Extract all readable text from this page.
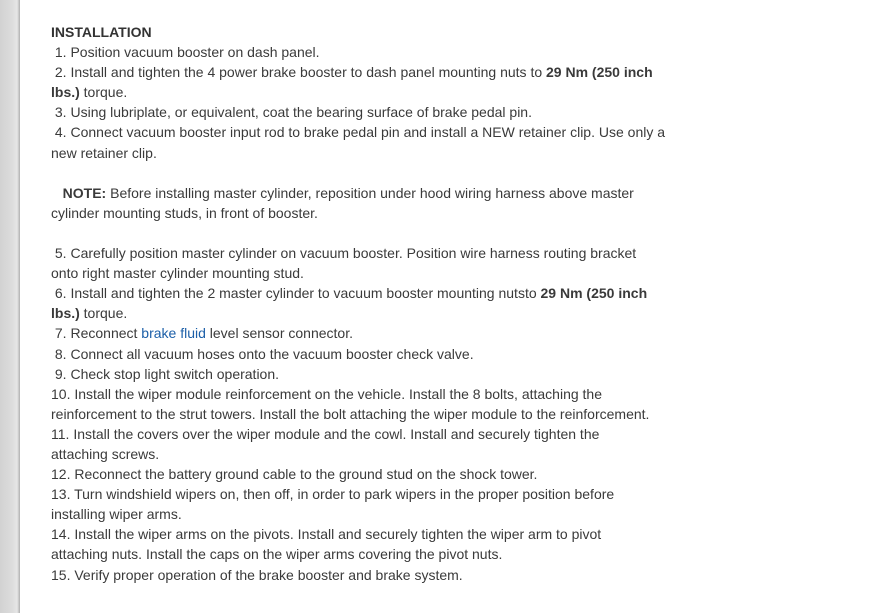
INSTALLATION
1. Position vacuum booster on dash panel.
2. Install and tighten the 4 power brake booster to dash panel mounting nuts to 29 Nm (250 inch
lbs.) torque.
3. Using lubriplate, or equivalent, coat the bearing surface of brake pedal pin.
4. Connect vacuum booster input rod to brake pedal pin and install a NEW retainer clip. Use only a
new retainer clip.
NOTE: Before installing master cylinder, reposition under hood wiring harness above master
cylinder mounting studs, in front of booster.
5. Carefully position master cylinder on vacuum booster. Position wire harness routing bracket
onto right master cylinder mounting stud.
6. Install and tighten the 2 master cylinder to vacuum booster mounting nutsto 29 Nm (250 inch
lbs.) torque.
7. Reconnect brake fluid level sensor connector.
8. Connect all vacuum hoses onto the vacuum booster check valve.
9. Check stop light switch operation.
10. Install the wiper module reinforcement on the vehicle. Install the 8 bolts, attaching the
reinforcement to the strut towers. Install the bolt attaching the wiper module to the reinforcement.
11. Install the covers over the wiper module and the cowl. Install and securely tighten the
attaching screws.
12. Reconnect the battery ground cable to the ground stud on the shock tower.
13. Turn windshield wipers on, then off, in order to park wipers in the proper position before
installing wiper arms.
14. Install the wiper arms on the pivots. Install and securely tighten the wiper arm to pivot
attaching nuts. Install the caps on the wiper arms covering the pivot nuts.
15. Verify proper operation of the brake booster and brake system.
